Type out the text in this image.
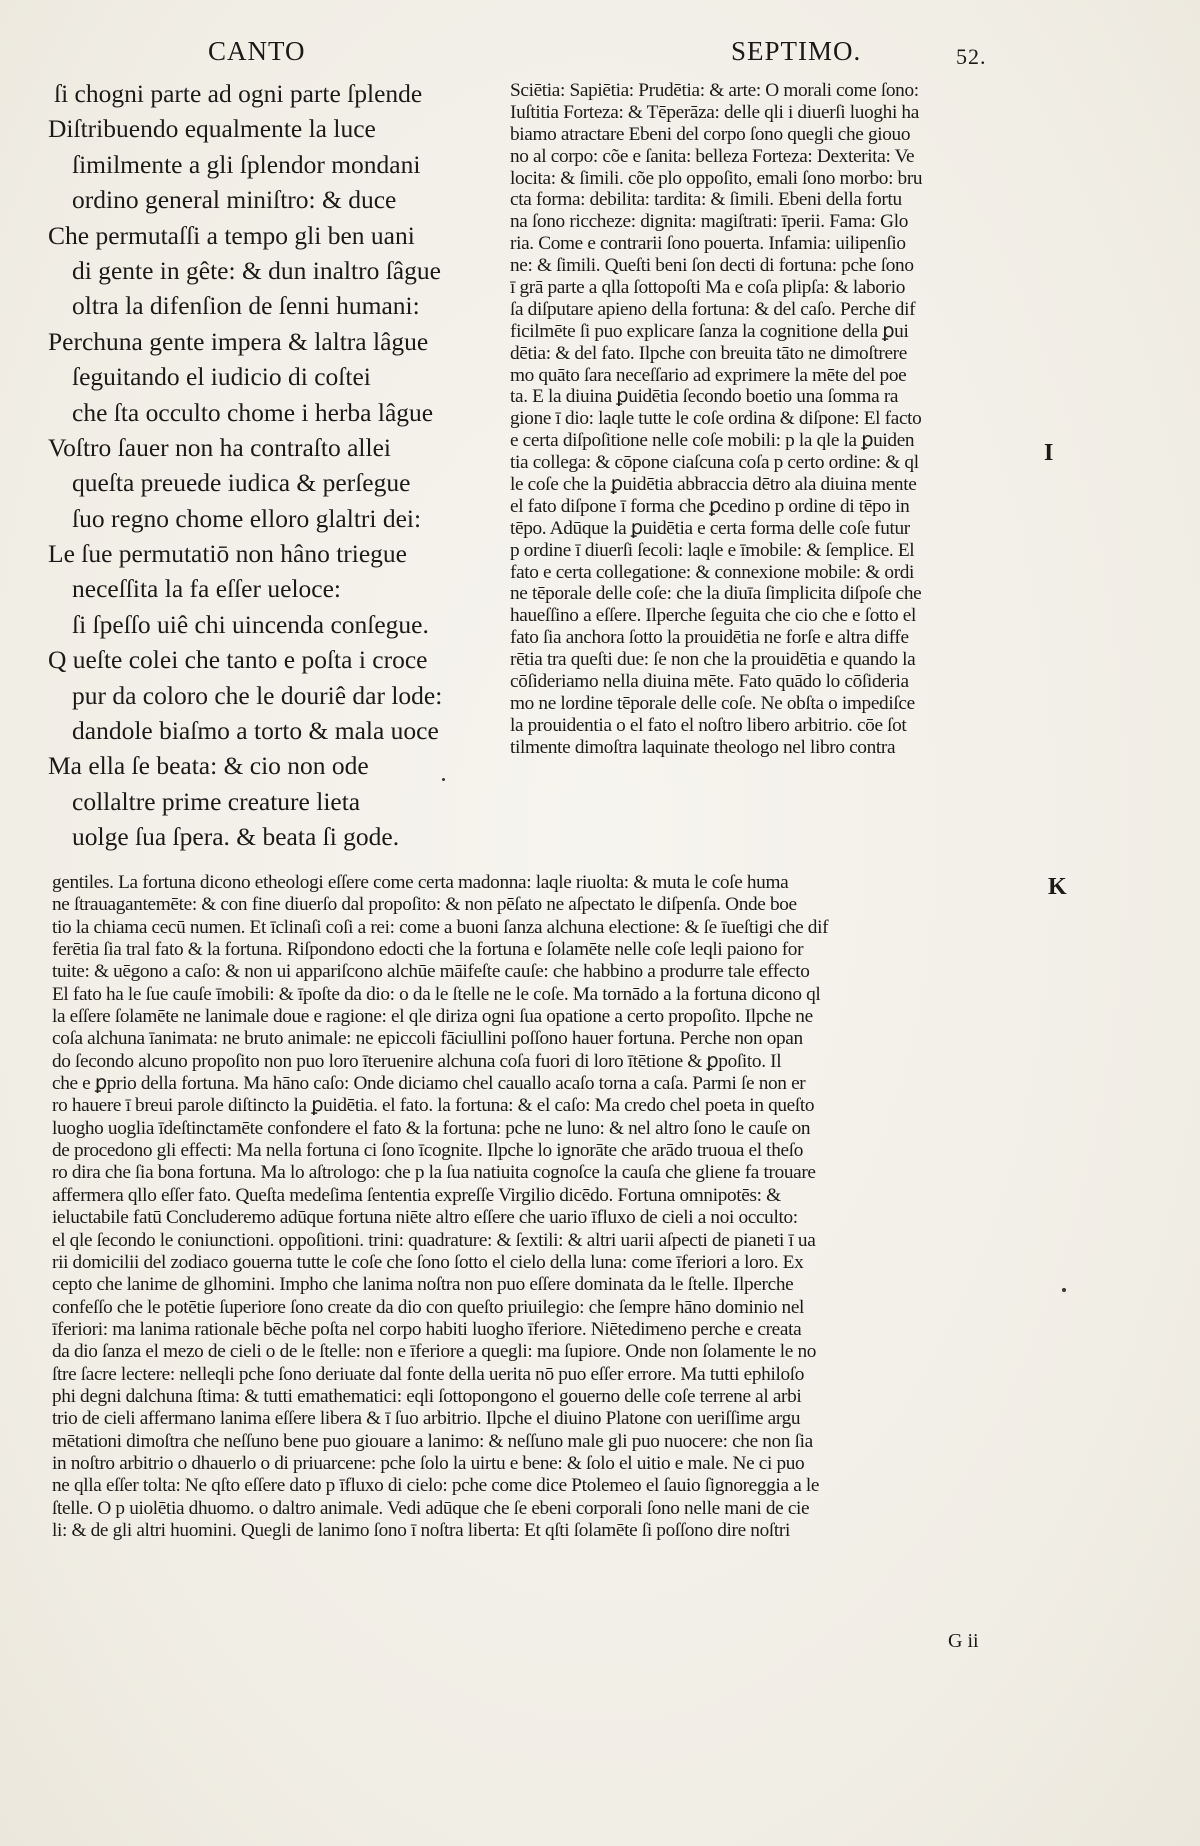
CANTO	SEPTIMO.	52.
ſi chogni parte ad ogni parte ſplende
Diſtribuendo equalmente la luce
ſimilmente a gli ſplendor mondani
ordino general miniſtro: & duce
Che permutaſſi a tempo gli ben uani
di gente in gête: & dun inaltro ſâgue
oltra la difenſion de ſenni humani:
Perchuna gente impera & laltra lâgue
ſeguitando el iudicio di coſtei
che ſta occulto chome i herba lâgue
Voſtro ſauer non ha contraſto allei
queſta preuede iudica & perſegue
ſuo regno chome elloro glaltri dei:
Le ſue permutatiō non hâno triegue
neceſſita la fa eſſer ueloce:
ſi ſpeſſo uiê chi uincenda conſegue.
Q ueſte colei che tanto e poſta i croce
pur da coloro che le douriê dar lode:
dandole biaſmo a torto & mala uoce
Ma ella ſe beata: & cio non ode
collaltre prime creature lieta
uolge ſua ſpera. & beata ſi gode.
Sciētia: Sapiētia: Prudētia: & arte: O morali come ſono:
Iuſtitia Forteza: & Tēperāza: delle qli i diuerſi luoghi ha
biamo atractare Ebeni del corpo ſono quegli che giouo
no al corpo: cõe e ſanita: belleza Forteza: Dexterita: Ve
locita: & ſimili. cõe plo oppoſito, emali ſono morbo: bru
cta forma: debilita: tardita: & ſimili. Ebeni della fortu
na ſono riccheze: dignita: magiſtrati: īperii. Fama: Glo
ria. Come e contrarii ſono pouerta. Infamia: uilipenſio
ne: & ſimili. Queſti beni ſon decti di fortuna: pche ſono
ī grā parte a qlla ſottopoſti Ma e coſa plipſa: & laborio
ſa diſputare apieno della fortuna: & del caſo. Perche dif
ficilmēte ſi puo explicare ſanza la cognitione della ꝑui
dētia: & del fato. Ilpche con breuita tāto ne dimoſtrere
mo quāto ſara neceſſario ad exprimere la mēte del poe
ta. E la diuina ꝑuidētia ſecondo boetio una ſomma ra
gione ī dio: laqle tutte le coſe ordina & diſpone: El facto
e certa diſpoſitione nelle coſe mobili: p la qle la ꝑuiden
tia collega: & cōpone ciaſcuna coſa p certo ordine: & ql
le coſe che la ꝑuidētia abbraccia dētro ala diuina mente
el fato diſpone ī forma che ꝑcedino p ordine di tēpo in
tēpo. Adūque la ꝑuidētia e certa forma delle coſe futur
p ordine ī diuerſi ſecoli: laqle e īmobile: & ſemplice. El
fato e certa collegatione: & connexione mobile: & ordi
ne tēporale delle coſe: che la diuīa ſimplicita diſpoſe che
haueſſino a eſſere. Ilperche ſeguita che cio che e ſotto el
fato ſia anchora ſotto la prouidētia ne forſe e altra diffe
rētia tra queſti due: ſe non che la prouidētia e quando la
cōſideriamo nella diuina mēte. Fato quādo lo cōſideria
mo ne lordine tēporale delle coſe. Ne obſta o impediſce
la prouidentia o el fato el noſtro libero arbitrio. cōe ſot
tilmente dimoſtra laquinate theologo nel libro contra
gentiles. La fortuna dicono etheologi eſſere come certa madonna: laqle riuolta: & muta le coſe huma
ne ſtrauagantemēte: & con fine diuerſo dal propoſito: & non pēſato ne aſpectato le diſpenſa. Onde boe
tio la chiama cecū numen. Et īclinaſi coſi a rei: come a buoni ſanza alchuna electione: & ſe īueſtigi che dif
ferētia ſia tral fato & la fortuna. Riſpondono edocti che la fortuna e ſolamēte nelle coſe leqli paiono for
tuite: & uēgono a caſo: & non ui appariſcono alchūe māifeſte cauſe: che habbino a produrre tale effecto
El fato ha le ſue cauſe īmobili: & īpoſte da dio: o da le ſtelle ne le coſe. Ma tornādo a la fortuna dicono ql
la eſſere ſolamēte ne lanimale doue e ragione: el qle diriza ogni ſua opatione a certo propoſito. Ilpche ne
coſa alchuna īanimata: ne bruto animale: ne epiccoli fāciullini poſſono hauer fortuna. Perche non opan
do ſecondo alcuno propoſito non puo loro īteruenire alchuna coſa fuori di loro ītētione & ꝑpoſito. Il
che e ꝑprio della fortuna. Ma hāno caſo: Onde diciamo chel cauallo acaſo torna a caſa. Parmi ſe non er
ro hauere ī breui parole diſtincto la ꝑuidētia. el fato. la fortuna: & el caſo: Ma credo chel poeta in queſto
luogho uoglia īdeſtinctamēte confondere el fato & la fortuna: pche ne luno: & nel altro ſono le cauſe on
de procedono gli effecti: Ma nella fortuna ci ſono īcognite. Ilpche lo ignorāte che arādo truoua el theſo
ro dira che ſia bona fortuna. Ma lo aſtrologo: che p la ſua natiuita cognoſce la cauſa che gliene fa trouare
affermera qllo eſſer fato. Queſta medeſima ſententia expreſſe Virgilio dicēdo. Fortuna omnipotēs: &
ieluctabile fatū Concluderemo adūque fortuna niēte altro eſſere che uario īfluxo de cieli a noi occulto:
el qle ſecondo le coniunctioni. oppoſitioni. trini: quadrature: & ſextili: & altri uarii aſpecti de pianeti ī ua
rii domicilii del zodiaco gouerna tutte le coſe che ſono ſotto el cielo della luna: come īferiori a loro. Ex
cepto che lanime de glhomini. Impho che lanima noſtra non puo eſſere dominata da le ſtelle. Ilperche
confeſſo che le potētie ſuperiore ſono create da dio con queſto priuilegio: che ſempre hāno dominio nel
īferiori: ma lanima rationale bēche poſta nel corpo habiti luogho īferiore. Niētedimeno perche e creata
da dio ſanza el mezo de cieli o de le ſtelle: non e īferiore a quegli: ma ſupiore. Onde non ſolamente le no
ſtre ſacre lectere: nelleqli pche ſono deriuate dal fonte della uerita nō puo eſſer errore. Ma tutti ephiloſo
phi degni dalchuna ſtima: & tutti emathematici: eqli ſottopongono el gouerno delle coſe terrene al arbi
trio de cieli affermano lanima eſſere libera & ī ſuo arbitrio. Ilpche el diuino Platone con ueriſſime argu
mētationi dimoſtra che neſſuno bene puo giouare a lanimo: & neſſuno male gli puo nuocere: che non ſia
in noſtro arbitrio o dhauerlo o di priuarcene: pche ſolo la uirtu e bene: & ſolo el uitio e male. Ne ci puo
ne qlla eſſer tolta: Ne qſto eſſere dato p īfluxo di cielo: pche come dice Ptolemeo el ſauio ſignoreggia a le
ſtelle. O p uiolētia dhuomo. o daltro animale. Vedi adūque che ſe ebeni corporali ſono nelle mani de cie
li: & de gli altri huomini. Quegli de lanimo ſono ī noſtra liberta: Et qſti ſolamēte ſi poſſono dire noſtri
I
K
G ii
